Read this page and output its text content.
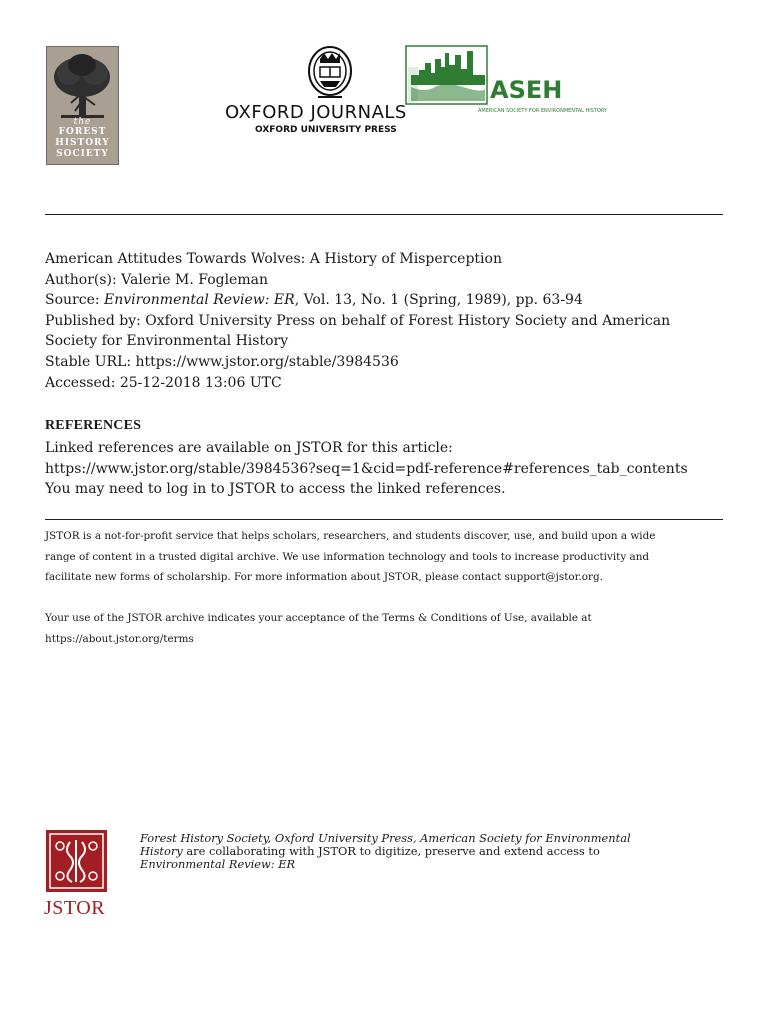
the
FOREST
HISTORY
SOCIETY
OXFORD JOURNALS
OXFORD UNIVERSITY PRESS
ASEH
AMERICAN SOCIETY FOR ENVIRONMENTAL HISTORY
American Attitudes Towards Wolves: A History of Misperception
Author(s): Valerie M. Fogleman
Source: Environmental Review: ER, Vol. 13, No. 1 (Spring, 1989), pp. 63-94
Published by: Oxford University Press on behalf of Forest History Society and American
Society for Environmental History
Stable URL: https://www.jstor.org/stable/3984536
Accessed: 25-12-2018 13:06 UTC
REFERENCES
Linked references are available on JSTOR for this article:
https://www.jstor.org/stable/3984536?seq=1&cid=pdf-reference#references_tab_contents
You may need to log in to JSTOR to access the linked references.
JSTOR is a not-for-profit service that helps scholars, researchers, and students discover, use, and build upon a wide
range of content in a trusted digital archive. We use information technology and tools to increase productivity and
facilitate new forms of scholarship. For more information about JSTOR, please contact support@jstor.org.
Your use of the JSTOR archive indicates your acceptance of the Terms & Conditions of Use, available at
https://about.jstor.org/terms
JSTOR
Forest History Society, Oxford University Press, American Society for Environmental
History are collaborating with JSTOR to digitize, preserve and extend access to
Environmental Review: ER
